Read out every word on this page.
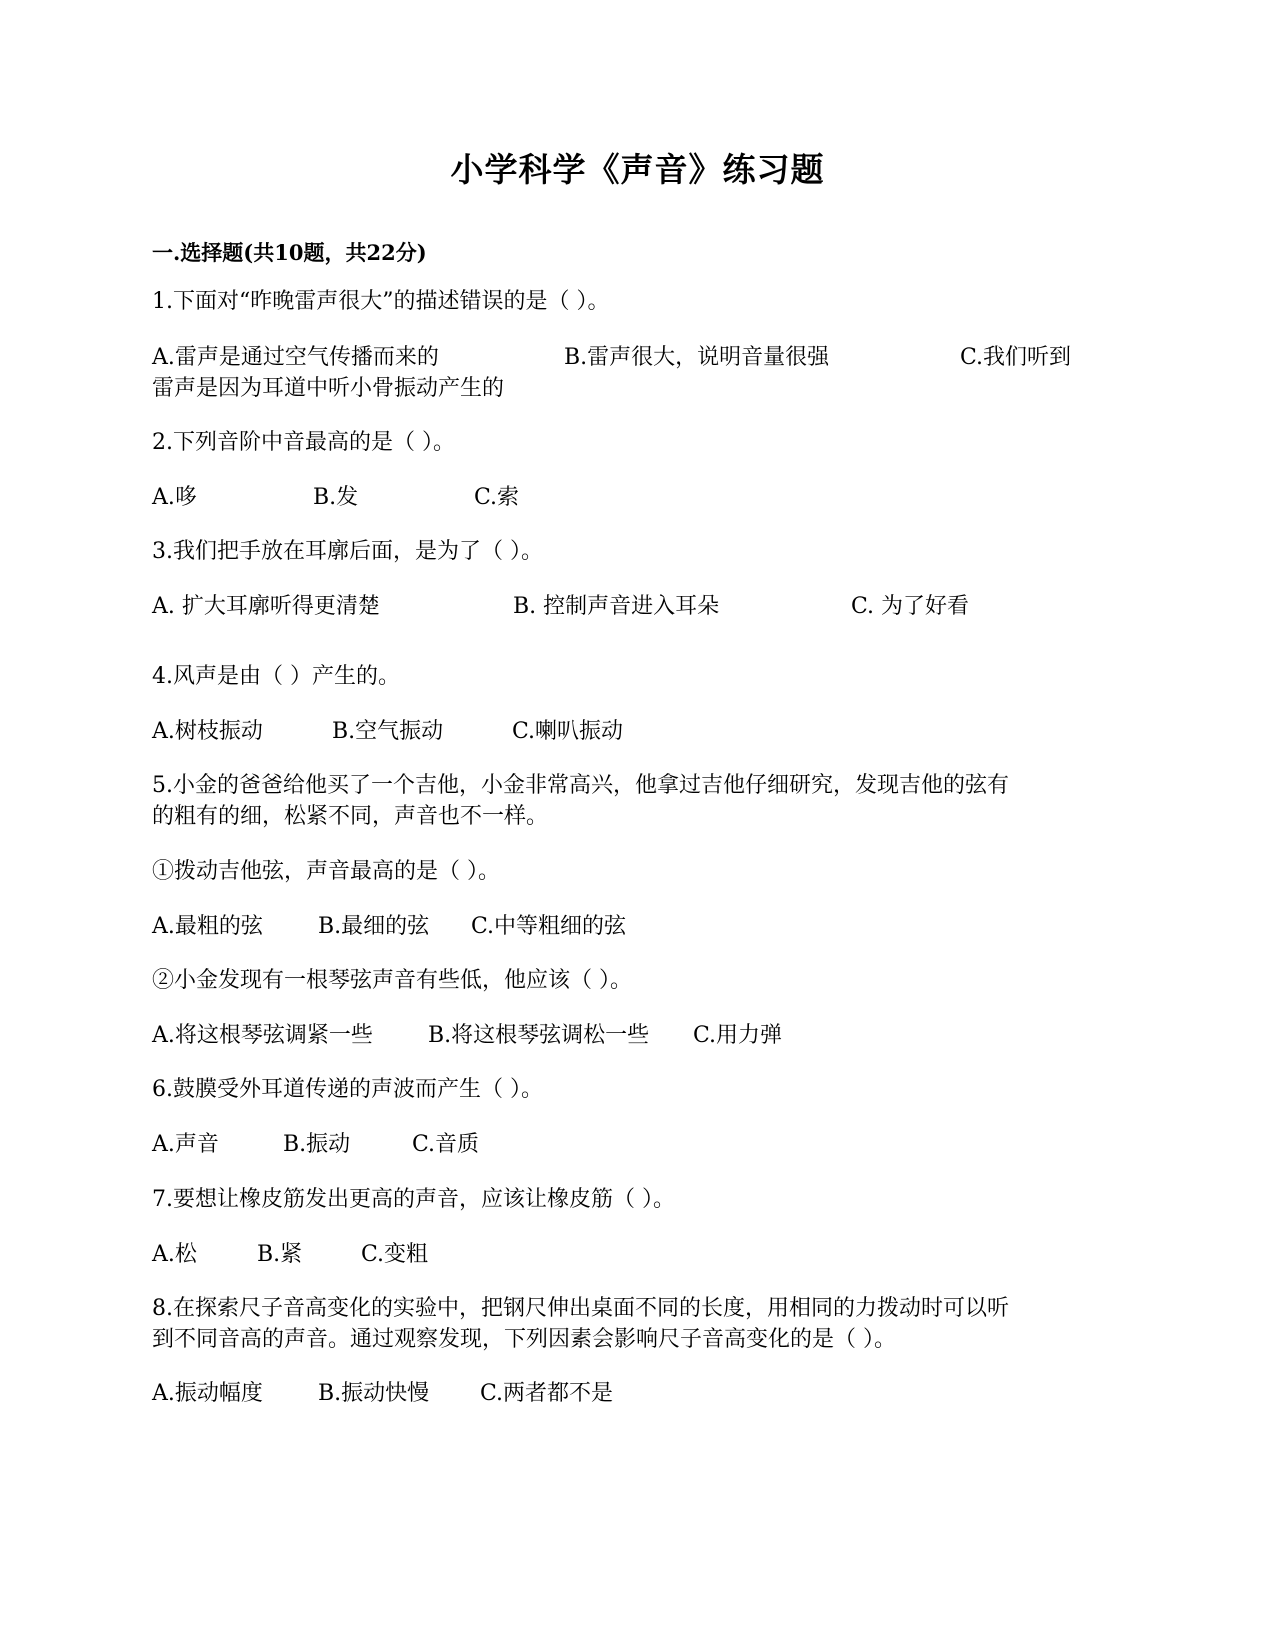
小学科学《声音》练习题
一.选择题(共10题，共22分)
1.下面对“昨晚雷声很大”的描述错误的是（ ）。
A.雷声是通过空气传播而来的	B.雷声很大，说明音量很强	C.我们听到
雷声是因为耳道中听小骨振动产生的
2.下列音阶中音最高的是（ ）。
A.哆	B.发	C.索
3.我们把手放在耳廓后面，是为了（ ）。
A. 扩大耳廓听得更清楚	B. 控制声音进入耳朵	C. 为了好看
4.风声是由（ ）产生的。
A.树枝振动	B.空气振动	C.喇叭振动
5.小金的爸爸给他买了一个吉他，小金非常高兴，他拿过吉他仔细研究，发现吉他的弦有
的粗有的细，松紧不同，声音也不一样。
①拨动吉他弦，声音最高的是（ ）。
A.最粗的弦	B.最细的弦 C.中等粗细的弦
②小金发现有一根琴弦声音有些低，他应该（ ）。
A.将这根琴弦调紧一些	B.将这根琴弦调松一些 C.用力弹
6.鼓膜受外耳道传递的声波而产生（ ）。
A.声音	B.振动	C.音质
7.要想让橡皮筋发出更高的声音，应该让橡皮筋（ ）。
A.松	B.紧	C.变粗
8.在探索尺子音高变化的实验中，把钢尺伸出桌面不同的长度，用相同的力拨动时可以听
到不同音高的声音。通过观察发现，下列因素会影响尺子音高变化的是（ ）。
A.振动幅度	B.振动快慢 C.两者都不是
